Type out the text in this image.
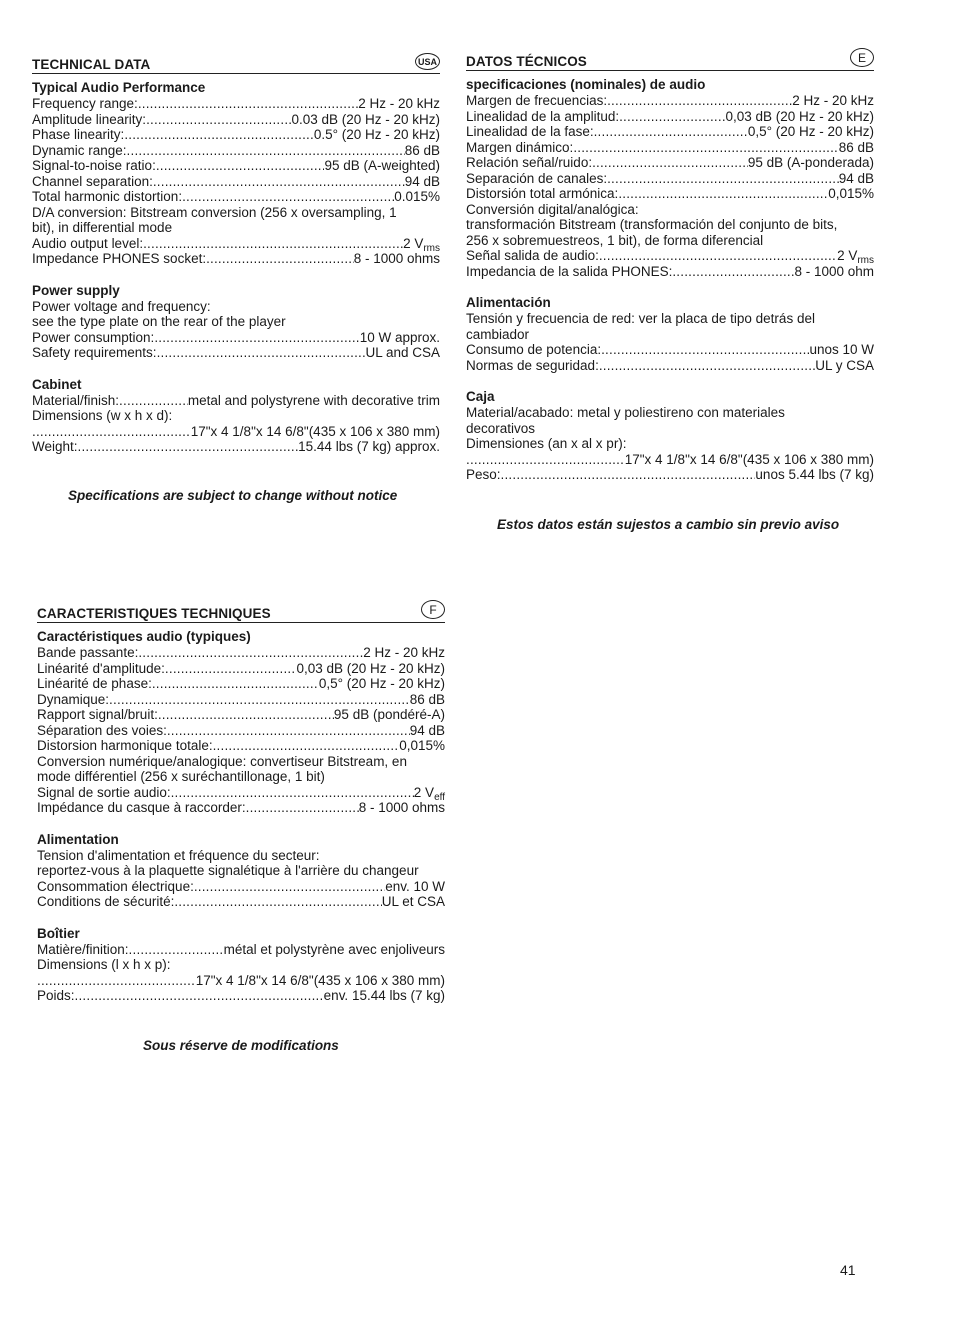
TECHNICAL DATA	USA
Typical Audio Performance
Frequency range: .....	2 Hz - 20 kHz
Amplitude linearity: .....	0.03 dB (20 Hz - 20 kHz)
Phase linearity: .....	0.5° (20 Hz - 20 kHz)
Dynamic range: .....	86 dB
Signal-to-noise ratio: .....	95 dB (A-weighted)
Channel separation: .....	94 dB
Total harmonic distortion: .....	0.015%
D/A conversion: Bitstream conversion (256 x oversampling, 1
bit), in differential mode
Audio output level: .....	2 $V_{rms}$
Impedance PHONES socket: .....	8 - 1000 ohms
Power supply
Power voltage and frequency:
see the type plate on the rear of the player
Power consumption: .....	10 W approx.
Safety requirements: .....	UL and CSA
Cabinet
Material/finish: .....	metal and polystyrene with decorative trim
Dimensions (w x h x d):
.....
17"x 4 1/8"x 14 6/8"(435 x 106 x 380 mm)
Weight: .....	15.44 lbs (7 kg) approx.
Specifications are subject to change without notice
DATOS TÉCNICOS	E
specificaciones (nominales) de audio
Margen de frecuencias: .....	2 Hz - 20 kHz
Linealidad de la amplitud: .....	0,03 dB (20 Hz - 20 kHz)
Linealidad de la fase: .....	0,5° (20 Hz - 20 kHz)
Margen dinámico: .....	86 dB
Relación señal/ruido: .....	95 dB (A-ponderada)
Separación de canales: .....	94 dB
Distorsión total armónica: .....	0,015%
Conversión digital/analógica:
transformación Bitstream (transformación del conjunto de bits,
256 x sobremuestreos, 1 bit), de forma diferencial
Señal salida de audio: .....	2 $V_{rms}$
Impedancia de la salida PHONES: .....	8 - 1000 ohm
Alimentación
Tensión y frecuencia de red: ver la placa de tipo detrás del
cambiador
Consumo de potencia: .....	unos 10 W
Normas de seguridad: .....	UL y CSA
Caja
Material/acabado: metal y poliestireno con materiales
decorativos
Dimensiones (an x al x pr):
.....
17"x 4 1/8"x 14 6/8"(435 x 106 x 380 mm)
Peso: .....	unos 5.44 lbs (7 kg)
Estos datos están sujestos a cambio sin previo aviso
CARACTERISTIQUES TECHNIQUES	F
Caractéristiques audio (typiques)
Bande passante: .....	2 Hz - 20 kHz
Linéarité d'amplitude: .....	0,03 dB (20 Hz - 20 kHz)
Linéarité de phase: .....	0,5° (20 Hz - 20 kHz)
Dynamique: .....	86 dB
Rapport signal/bruit: .....	95 dB (pondéré-A)
Séparation des voies: .....	94 dB
Distorsion harmonique totale: .....	0,015%
Conversion numérique/analogique: convertiseur Bitstream, en
mode différentiel (256 x suréchantillonage, 1 bit)
Signal de sortie audio: .....	2 $V_{eff}$
Impédance du casque à raccorder: .....	8 - 1000 ohms
Alimentation
Tension d'alimentation et fréquence du secteur:
reportez-vous à la plaquette signalétique à l'arrière du changeur
Consommation électrique: .....	env. 10 W
Conditions de sécurité: .....	UL et CSA
Boîtier
Matière/finition: .....	métal et polystyrène avec enjoliveurs
Dimensions (l x h x p):
.....
17"x 4 1/8"x 14 6/8"(435 x 106 x 380 mm)
Poids: .....	env. 15.44 lbs (7 kg)
Sous réserve de modifications
41
